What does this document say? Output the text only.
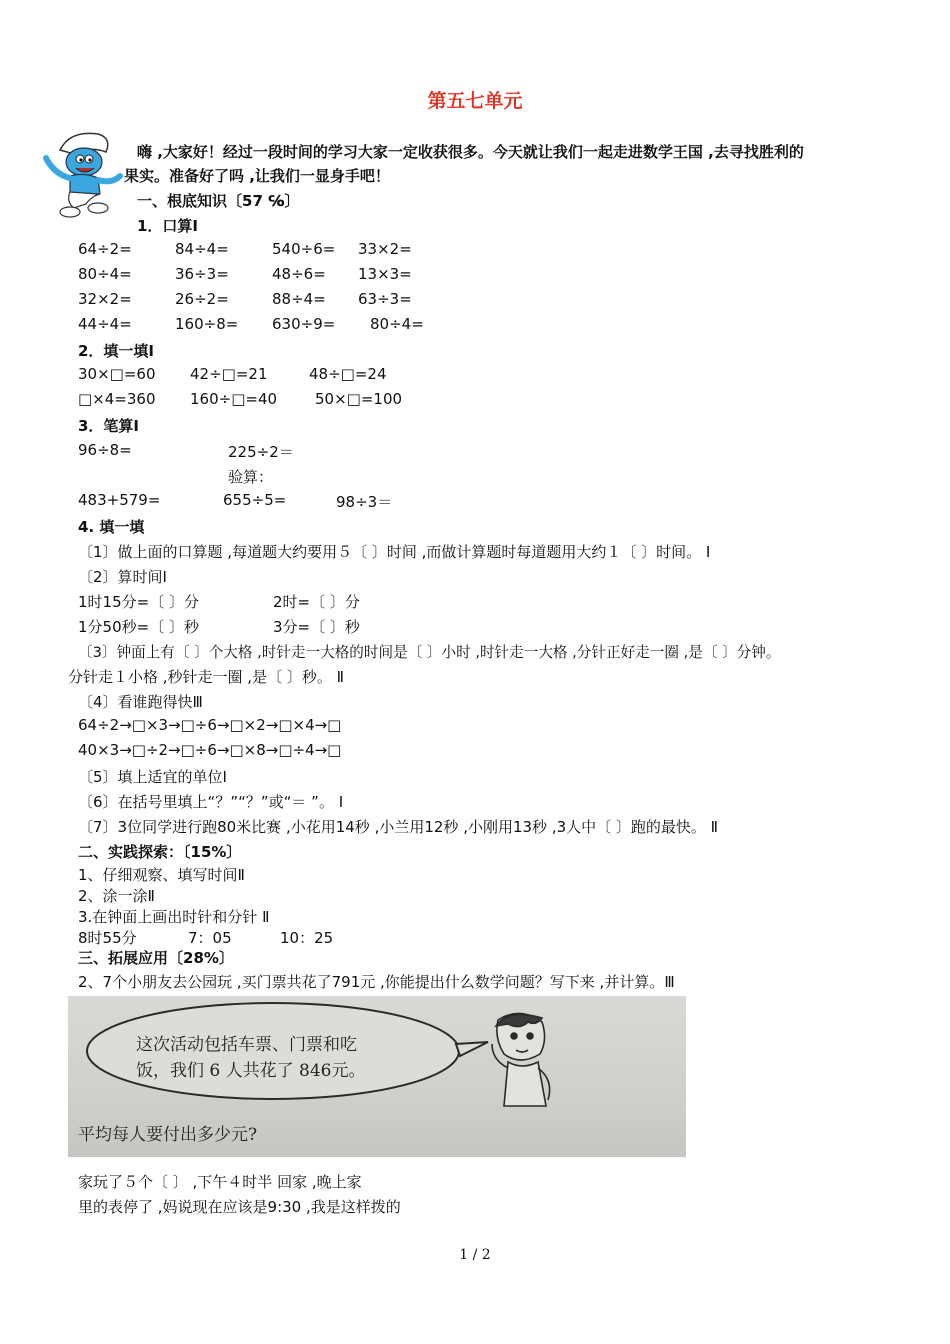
第五七单元
嗨 ,大家好！经过一段时间的学习大家一定收获很多。今天就让我们一起走进数学王国 ,去寻找胜利的
果实。准备好了吗 ,让我们一显身手吧！
一、根底知识〔57 ℅〕
1．口算Ⅰ
64÷2=	84÷4=	540÷6= 33×2=
80÷4=	36÷3=	48÷6= 13×3=
32×2=	26÷2=	88÷4= 63÷3=
44÷4=	160÷8= 630÷9= 80÷4=
2．填一填Ⅰ
30×□=60 42÷□=21	48÷□=24
□×4=360 160÷□=40	50×□=100
3．笔算Ⅰ
96÷8=	225÷2＝
验算：
483+579=	655÷5=	98÷3＝
4. 填一填
〔1〕做上面的口算题 ,每道题大约要用５〔 〕时间 ,而做计算题时每道题用大约１〔 〕时间。 Ⅰ
〔2〕算时间Ⅰ
1时15分=〔 〕分	2时=〔 〕分
1分50秒=〔 〕秒	3分=〔 〕秒
〔3〕钟面上有〔 〕个大格 ,时针走一大格的时间是〔 〕小时 ,时针走一大格 ,分针正好走一圈 ,是〔 〕分钟。
分针走１小格 ,秒针走一圈 ,是〔 〕秒。 Ⅱ
〔4〕看谁跑得快Ⅲ
64÷2→□×3→□÷6→□×2→□×4→□
40×3→□÷2→□÷6→□×8→□÷4→□
〔5〕填上适宜的单位Ⅰ
〔6〕在括号里填上“？”“？”或“＝ ”。 Ⅰ
〔7〕3位同学进行跑80米比赛 ,小花用14秒 ,小兰用12秒 ,小刚用13秒 ,3人中〔 〕跑的最快。 Ⅱ
二、实践探索：〔15%〕
1、仔细观察、填写时间Ⅱ
2、涂一涂Ⅱ
3.在钟面上画出时针和分针 Ⅱ
8时55分	7：05	10：25
三、拓展应用〔28%〕
2、7个小朋友去公园玩 ,买门票共花了791元 ,你能提出什么数学问题？写下来 ,并计算。Ⅲ
这次活动包括车票、门票和吃
饭，我们 6 人共花了 846元。
平均每人要付出多少元?
家玩了５个〔 〕 ,下午４时半 回家 ,晚上家
里的表停了 ,妈说现在应该是9:30 ,我是这样拨的
1 / 2
